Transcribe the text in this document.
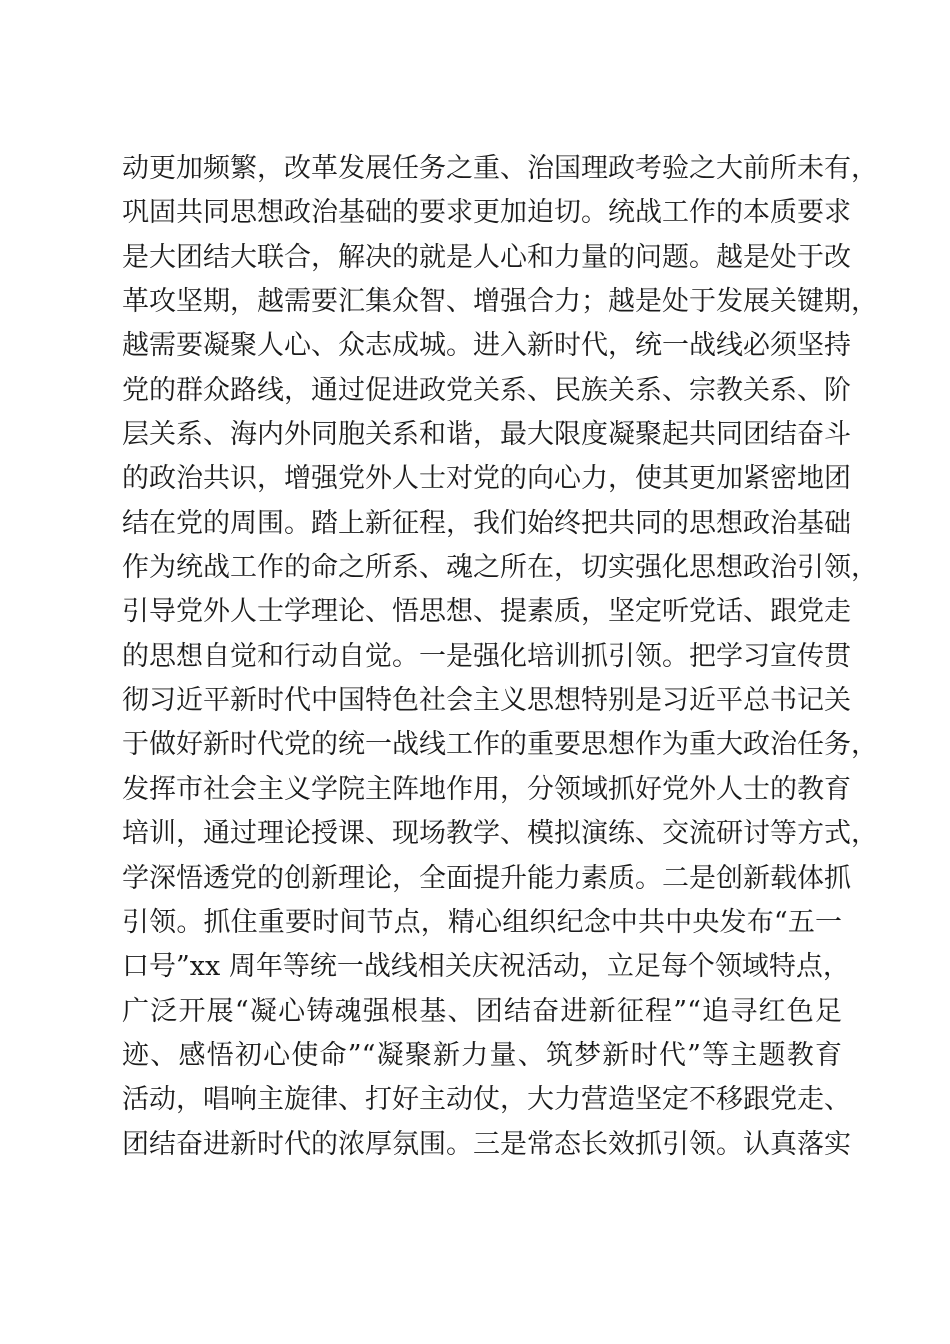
动更加频繁，改革发展任务之重、治国理政考验之大前所未有，
巩固共同思想政治基础的要求更加迫切。统战工作的本质要求
是大团结大联合，解决的就是人心和力量的问题。越是处于改
革攻坚期，越需要汇集众智、增强合力；越是处于发展关键期，
越需要凝聚人心、众志成城。进入新时代，统一战线必须坚持
党的群众路线，通过促进政党关系、民族关系、宗教关系、阶
层关系、海内外同胞关系和谐，最大限度凝聚起共同团结奋斗
的政治共识，增强党外人士对党的向心力，使其更加紧密地团
结在党的周围。踏上新征程，我们始终把共同的思想政治基础
作为统战工作的命之所系、魂之所在，切实强化思想政治引领，
引导党外人士学理论、悟思想、提素质，坚定听党话、跟党走
的思想自觉和行动自觉。一是强化培训抓引领。把学习宣传贯
彻习近平新时代中国特色社会主义思想特别是习近平总书记关
于做好新时代党的统一战线工作的重要思想作为重大政治任务，
发挥市社会主义学院主阵地作用，分领域抓好党外人士的教育
培训，通过理论授课、现场教学、模拟演练、交流研讨等方式，
学深悟透党的创新理论，全面提升能力素质。二是创新载体抓
引领。抓住重要时间节点，精心组织纪念中共中央发布“五一
口号”xx 周年等统一战线相关庆祝活动，立足每个领域特点，
广泛开展“凝心铸魂强根基、团结奋进新征程”“追寻红色足
迹、感悟初心使命”“凝聚新力量、筑梦新时代”等主题教育
活动，唱响主旋律、打好主动仗，大力营造坚定不移跟党走、
团结奋进新时代的浓厚氛围。三是常态长效抓引领。认真落实
